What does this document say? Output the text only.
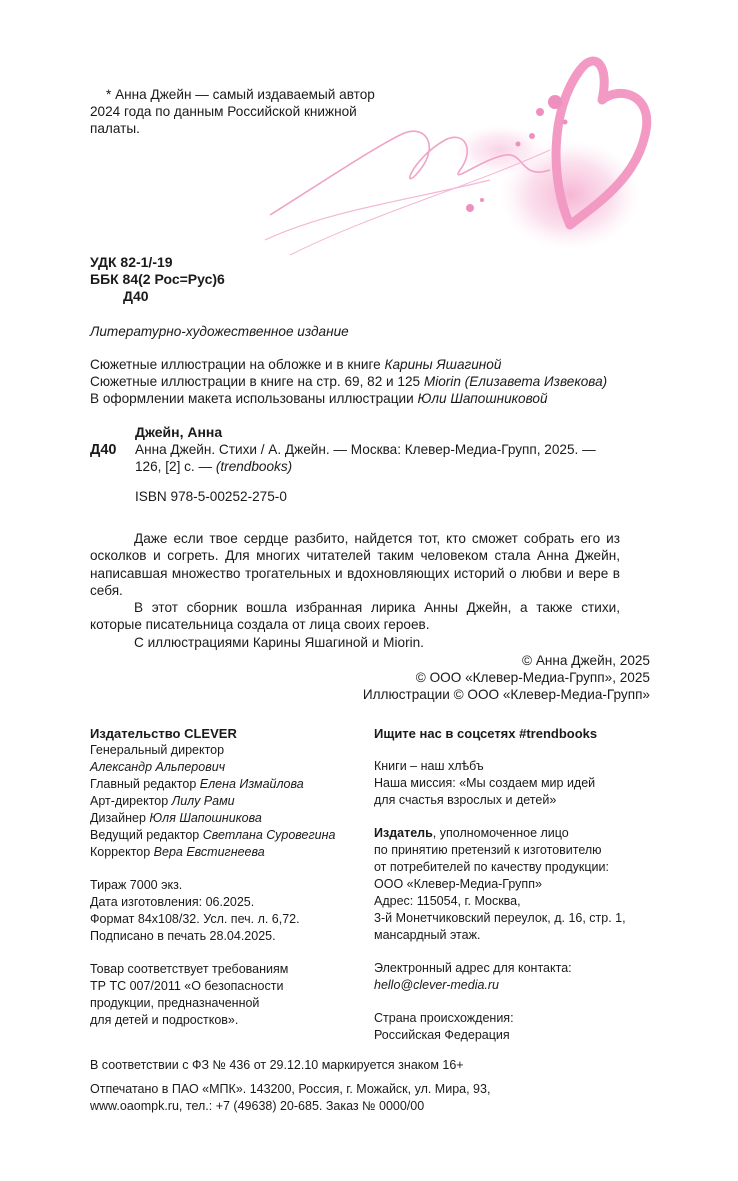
* Анна Джейн — самый издаваемый автор
2024 года по данным Российской книжной
палаты.
УДК 82-1/-19
ББК 84(2 Рос=Рус)6
Д40
Литературно-художественное издание
Сюжетные иллюстрации на обложке и в книге Карины Яшагиной
Сюжетные иллюстрации в книге на стр. 69, 82 и 125 Miorin (Елизавета Извекова)
В оформлении макета использованы иллюстрации Юли Шапошниковой
Д40
Джейн, Анна
Анна Джейн. Стихи / А. Джейн. — Москва: Клевер-Медиа-Групп, 2025. —
126, [2] с. — (trendbooks)
ISBN 978-5-00252-275-0
Даже если твое сердце разбито, найдется тот, кто сможет собрать его из осколков и согреть. Для многих читателей таким человеком стала Анна Джейн, написавшая множество трогательных и вдохновляющих историй о любви и вере в себя.
В этот сборник вошла избранная лирика Анны Джейн, а также стихи, которые писательница создала от лица своих героев.
С иллюстрациями Карины Яшагиной и Miorin.
© Анна Джейн, 2025
© ООО «Клевер-Медиа-Групп», 2025
Иллюстрации © ООО «Клевер-Медиа-Групп»
Издательство CLEVER
Генеральный директор
Александр Альперович
Главный редактор Елена Измайлова
Арт-директор Лилу Рами
Дизайнер Юля Шапошникова
Ведущий редактор Светлана Суровегина
Корректор Вера Евстигнеева
Тираж 7000 экз.
Дата изготовления: 06.2025.
Формат 84x108/32. Усл. печ. л. 6,72.
Подписано в печать 28.04.2025.
Товар соответствует требованиям
ТР ТС 007/2011 «О безопасности
продукции, предназначенной
для детей и подростков».
Ищите нас в соцсетях #trendbooks
Книги – наш хлѣбъ
Наша миссия: «Мы создаем мир идей
для счастья взрослых и детей»
Издатель, уполномоченное лицо
по принятию претензий к изготовителю
от потребителей по качеству продукции:
ООО «Клевер-Медиа-Групп»
Адрес: 115054, г. Москва,
3-й Монетчиковский переулок, д. 16, стр. 1,
мансардный этаж.
Электронный адрес для контакта:
hello@clever-media.ru
Страна происхождения:
Российская Федерация
В соответствии с ФЗ № 436 от 29.12.10 маркируется знаком 16+
Отпечатано в ПАО «МПК». 143200, Россия, г. Можайск, ул. Мира, 93,
www.oaompk.ru, тел.: +7 (49638) 20-685. Заказ № 0000/00
